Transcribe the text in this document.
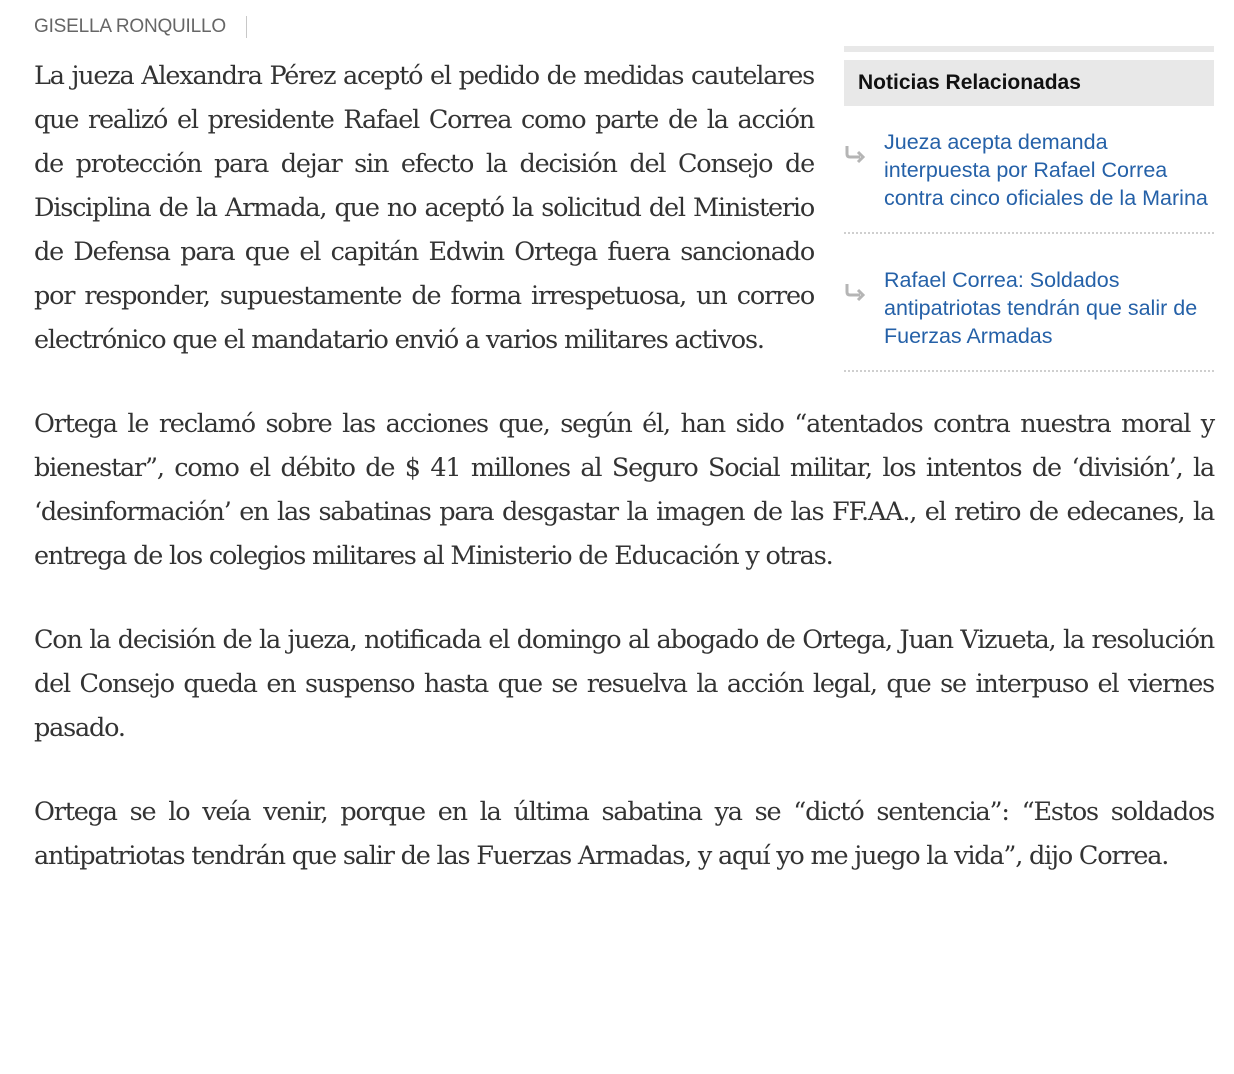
GISELLA RONQUILLO
Noticias Relacionadas
Jueza acepta demanda interpuesta por Rafael Correa contra cinco oficiales de la Marina
Rafael Correa: Soldados antipatriotas tendrán que salir de Fuerzas Armadas

La jueza Alexandra Pérez aceptó el pedido de medidas cautelares que realizó el presidente Rafael Correa como parte de la acción de protección para dejar sin efecto la decisión del Consejo de Disciplina de la Armada, que no aceptó la solicitud del Ministerio de Defensa para que el capitán Edwin Ortega fuera sancionado por responder, supuestamente de forma irrespetuosa, un correo electrónico que el mandatario envió a varios militares activos.

Ortega le reclamó sobre las acciones que, según él, han sido “atentados contra nuestra moral y bienestar”, como el débito de $ 41 millones al Seguro Social militar, los intentos de ‘división’, la ‘desinformación’ en las sabatinas para desgastar la imagen de las FF.AA., el retiro de edecanes, la entrega de los colegios militares al Ministerio de Educación y otras.

Con la decisión de la jueza, notificada el domingo al abogado de Ortega, Juan Vizueta, la resolución del Consejo queda en suspenso hasta que se resuelva la acción legal, que se interpuso el viernes pasado.

Ortega se lo veía venir, porque en la última sabatina ya se “dictó sentencia”: “Estos soldados antipatriotas tendrán que salir de las Fuerzas Armadas, y aquí yo me juego la vida”, dijo Correa.
